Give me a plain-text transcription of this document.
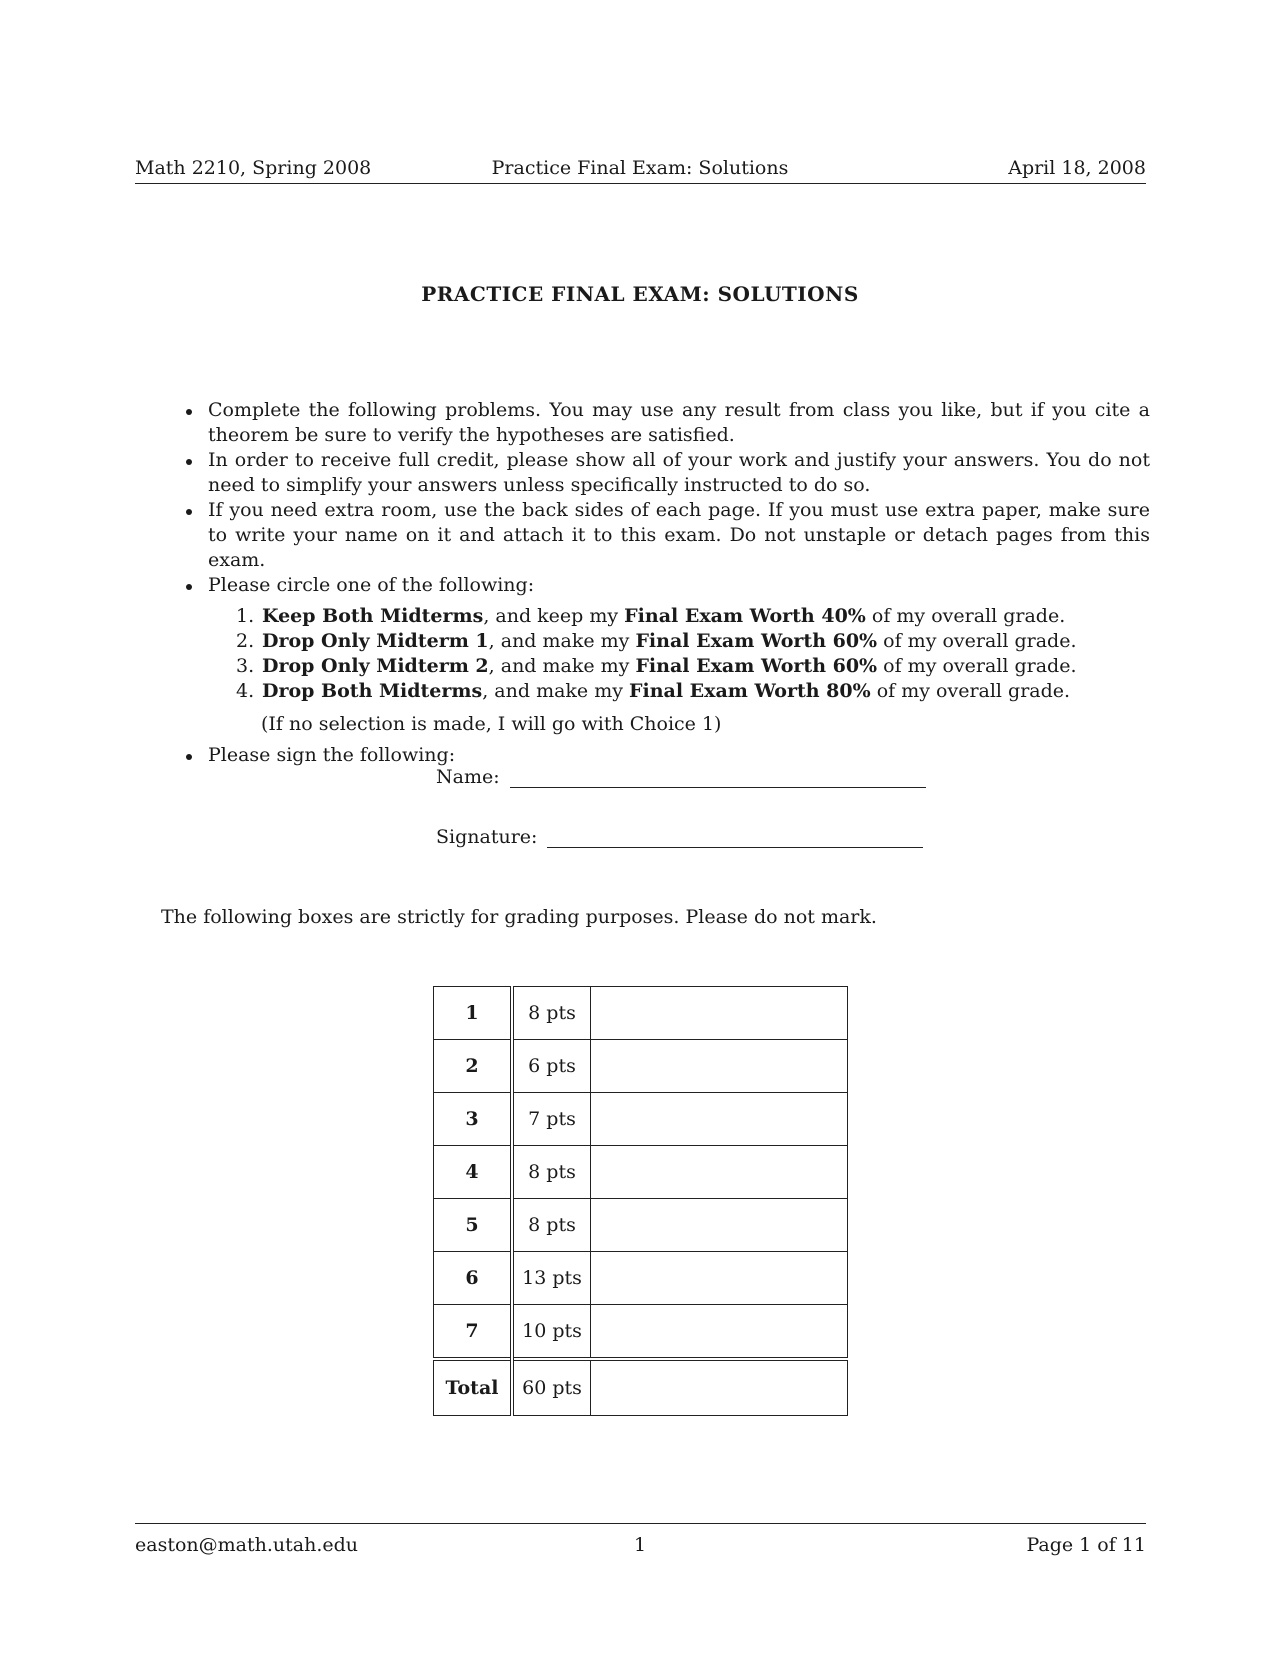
Math 2210, Spring 2008	Practice Final Exam: Solutions	April 18, 2008
PRACTICE FINAL EXAM: SOLUTIONS
Complete the following problems. You may use any result from class you like, but if you cite a theorem be sure to verify the hypotheses are satisfied.
In order to receive full credit, please show all of your work and justify your answers. You do not need to simplify your answers unless specifically instructed to do so.
If you need extra room, use the back sides of each page. If you must use extra paper, make sure to write your name on it and attach it to this exam. Do not unstaple or detach pages from this exam.
Please circle one of the following:
1. Keep Both Midterms, and keep my Final Exam Worth 40% of my overall grade.
2. Drop Only Midterm 1, and make my Final Exam Worth 60% of my overall grade.
3. Drop Only Midterm 2, and make my Final Exam Worth 60% of my overall grade.
4. Drop Both Midterms, and make my Final Exam Worth 80% of my overall grade.
(If no selection is made, I will go with Choice 1)
Please sign the following:
Name:
Signature:
The following boxes are strictly for grading purposes. Please do not mark.
1	8 pts	
2	6 pts	
3	7 pts	
4	8 pts	
5	8 pts	
6	13 pts	
7	10 pts	
Total	60 pts	
easton@math.utah.edu	1	Page 1 of 11
